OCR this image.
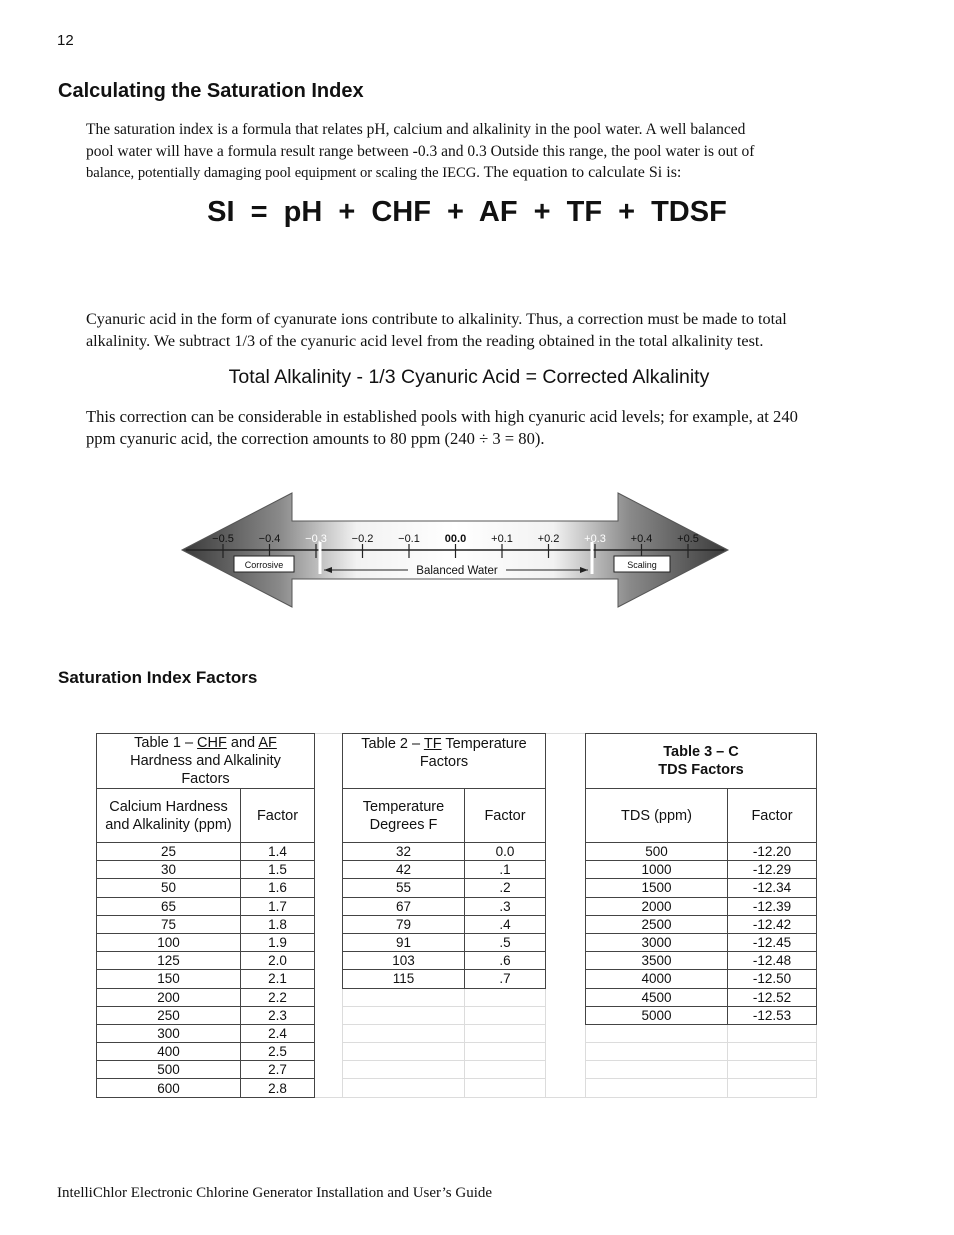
12
Calculating the Saturation Index
The saturation index is a formula that relates pH, calcium and alkalinity in the pool water. A well balanced
pool water will have a formula result range between -0.3 and 0.3 Outside this range, the pool water is out of
balance, potentially damaging pool equipment or scaling the IECG. The equation to calculate Si is:
SI = pH + CHF + AF + TF + TDSF
Cyanuric acid in the form of cyanurate ions contribute to alkalinity. Thus, a correction must be made to total
alkalinity. We subtract 1/3 of the cyanuric acid level from the reading obtained in the total alkalinity test.
Total Alkalinity - 1/3 Cyanuric Acid = Corrected Alkalinity
This correction can be considerable in established pools with high cyanuric acid levels; for example, at 240
ppm cyanuric acid, the correction amounts to 80 ppm (240 ÷ 3 = 80).
−0.5 −0.4 −0.3 −0.2 −0.1 00.0 +0.1 +0.2 +0.3 +0.4 +0.5
Balanced Water
Corrosive	Scaling
Saturation Index Factors
Table 1 – CHF and AF
Hardness and Alkalinity Factors	
Calcium Hardness and Alkalinity (ppm)	Factor
25	1.4
30	1.5
50	1.6
65	1.7
75	1.8
100	1.9
125	2.0
150	2.1
200	2.2
250	2.3
300	2.4
400	2.5
500	2.7
600	2.8
Table 2 – TF Temperature Factors	
Temperature Degrees F	Factor
32	0.0
42	.1
55	.2
67	.3
79	.4
91	.5
103	.6
115	.7

Table 3 – C
TDS Factors	
TDS (ppm)	Factor
500	-12.20
1000	-12.29
1500	-12.34
2000	-12.39
2500	-12.42
3000	-12.45
3500	-12.48
4000	-12.50
4500	-12.52
5000	-12.53

IntelliChlor Electronic Chlorine Generator Installation and User’s Guide
